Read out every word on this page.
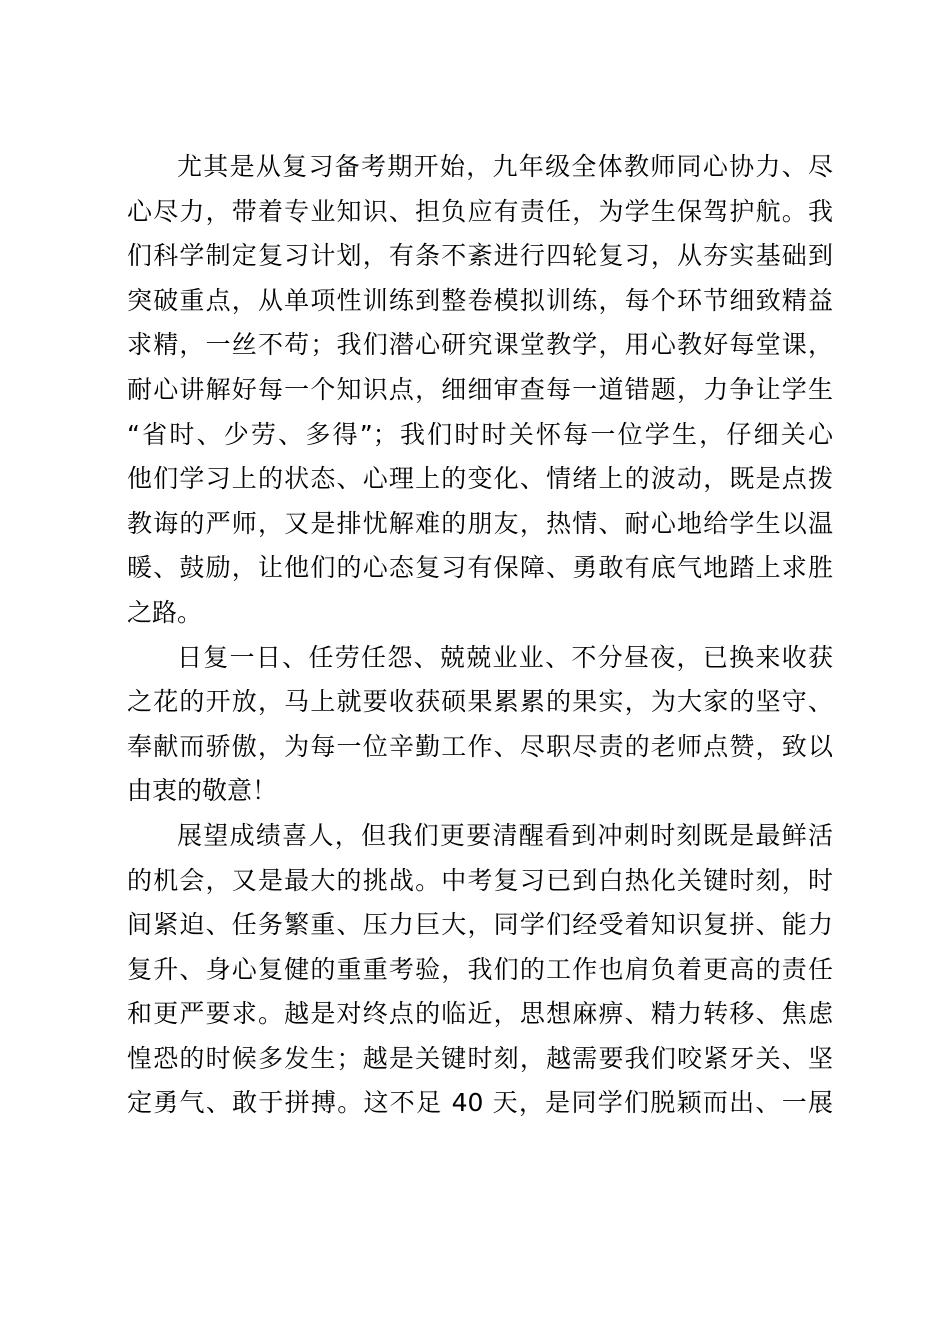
尤其是从复习备考期开始，九年级全体教师同心协力、尽
心尽力，带着专业知识、担负应有责任，为学生保驾护航。我
们科学制定复习计划，有条不紊进行四轮复习，从夯实基础到
突破重点，从单项性训练到整卷模拟训练，每个环节细致精益
求精，一丝不苟；我们潜心研究课堂教学，用心教好每堂课，
耐心讲解好每一个知识点，细细审查每一道错题，力争让学生
“省时、少劳、多得”；我们时时关怀每一位学生，仔细关心
他们学习上的状态、心理上的变化、情绪上的波动，既是点拨
教诲的严师，又是排忧解难的朋友，热情、耐心地给学生以温
暖、鼓励，让他们的心态复习有保障、勇敢有底气地踏上求胜
之路。
日复一日、任劳任怨、兢兢业业、不分昼夜，已换来收获
之花的开放，马上就要收获硕果累累的果实，为大家的坚守、
奉献而骄傲，为每一位辛勤工作、尽职尽责的老师点赞，致以
由衷的敬意！
展望成绩喜人，但我们更要清醒看到冲刺时刻既是最鲜活
的机会，又是最大的挑战。中考复习已到白热化关键时刻，时
间紧迫、任务繁重、压力巨大，同学们经受着知识复拼、能力
复升、身心复健的重重考验，我们的工作也肩负着更高的责任
和更严要求。越是对终点的临近，思想麻痹、精力转移、焦虑
惶恐的时候多发生；越是关键时刻，越需要我们咬紧牙关、坚
定勇气、敢于拼搏。这不足 40 天，是同学们脱颖而出、一展
